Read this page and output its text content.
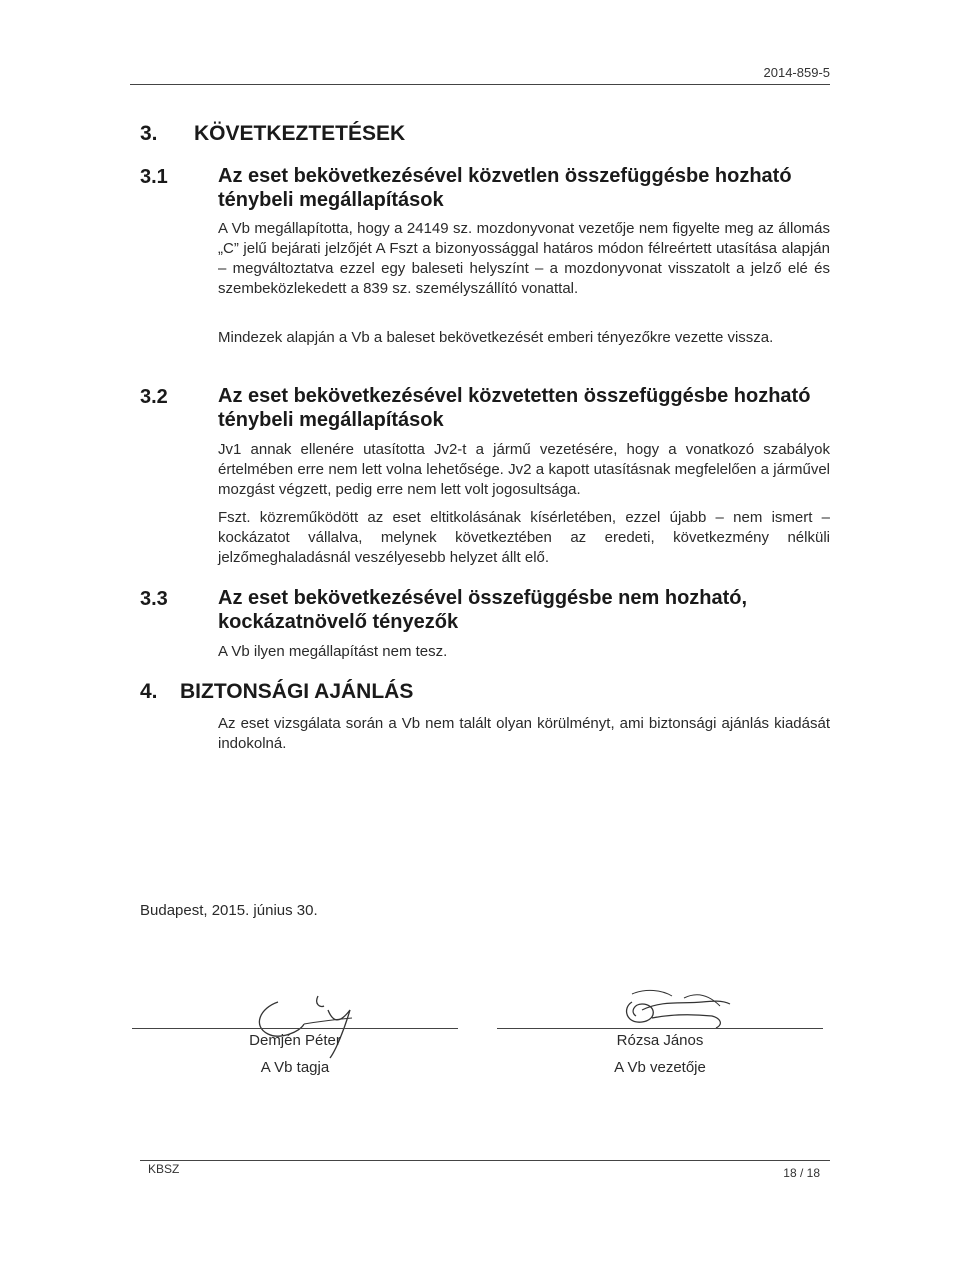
2014-859-5
3. KÖVETKEZTETÉSEK
3.1	Az eset bekövetkezésével közvetlen összefüggésbe hozható ténybeli megállapítások

A Vb megállapította, hogy a 24149 sz. mozdonyvonat vezetője nem figyelte meg az állomás „C” jelű bejárati jelzőjét A Fszt a bizonyossággal határos módon félreértett utasítása alapján – megváltoztatva ezzel egy baleseti helyszínt – a mozdonyvonat visszatolt a jelző elé és szembeközlekedett a 839 sz. személyszállító vonattal.

Mindezek alapján a Vb a baleset bekövetkezését emberi tényezőkre vezette vissza.

3.2	Az eset bekövetkezésével közvetetten összefüggésbe hozható ténybeli megállapítások

Jv1 annak ellenére utasította Jv2-t a jármű vezetésére, hogy a vonatkozó szabályok értelmében erre nem lett volna lehetősége. Jv2 a kapott utasításnak megfelelően a járművel mozgást végzett, pedig erre nem lett volt jogosultsága.

Fszt. közreműködött az eset eltitkolásának kísérletében, ezzel újabb – nem ismert – kockázatot vállalva, melynek következtében az eredeti, következmény nélküli jelzőmeghaladásnál veszélyesebb helyzet állt elő.

3.3	Az eset bekövetkezésével összefüggésbe nem hozható, kockázatnövelő tényezők

A Vb ilyen megállapítást nem tesz.

4. BIZTONSÁGI AJÁNLÁS

Az eset vizsgálata során a Vb nem talált olyan körülményt, ami biztonsági ajánlás kiadását indokolná.

Budapest, 2015. június 30.
Demjén Péter
A Vb tagja
Rózsa János
A Vb vezetője
KBSZ	18 / 18
